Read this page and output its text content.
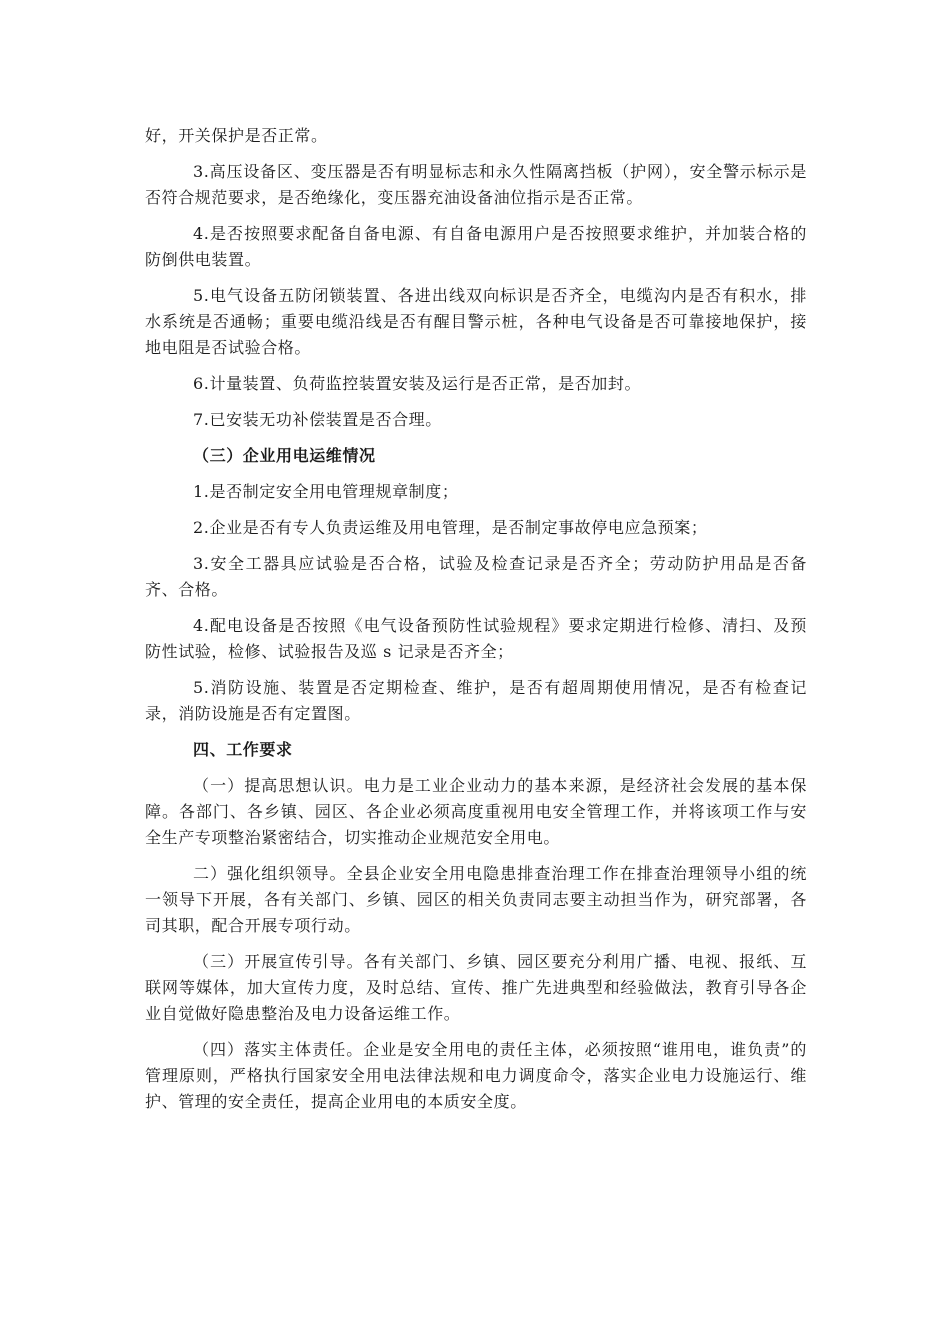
好，开关保护是否正常。

3.高压设备区、变压器是否有明显标志和永久性隔离挡板（护网），安全警示标示是否符合规范要求，是否绝缘化，变压器充油设备油位指示是否正常。

4.是否按照要求配备自备电源、有自备电源用户是否按照要求维护，并加装合格的防倒供电装置。

5.电气设备五防闭锁装置、各进出线双向标识是否齐全，电缆沟内是否有积水，排水系统是否通畅；重要电缆沿线是否有醒目警示桩，各种电气设备是否可靠接地保护，接地电阻是否试验合格。

6.计量装置、负荷监控装置安装及运行是否正常，是否加封。

7.已安装无功补偿装置是否合理。

（三）企业用电运维情况

1.是否制定安全用电管理规章制度；

2.企业是否有专人负责运维及用电管理，是否制定事故停电应急预案；

3.安全工器具应试验是否合格，试验及检查记录是否齐全；劳动防护用品是否备齐、合格。

4.配电设备是否按照《电气设备预防性试验规程》要求定期进行检修、清扫、及预防性试验，检修、试验报告及巡 s 记录是否齐全；

5.消防设施、装置是否定期检查、维护，是否有超周期使用情况，是否有检查记录，消防设施是否有定置图。

四、工作要求

（一）提高思想认识。电力是工业企业动力的基本来源，是经济社会发展的基本保障。各部门、各乡镇、园区、各企业必须高度重视用电安全管理工作，并将该项工作与安全生产专项整治紧密结合，切实推动企业规范安全用电。

二）强化组织领导。全县企业安全用电隐患排查治理工作在排查治理领导小组的统一领导下开展，各有关部门、乡镇、园区的相关负责同志要主动担当作为，研究部署，各司其职，配合开展专项行动。

（三）开展宣传引导。各有关部门、乡镇、园区要充分利用广播、电视、报纸、互联网等媒体，加大宣传力度，及时总结、宣传、推广先进典型和经验做法，教育引导各企业自觉做好隐患整治及电力设备运维工作。

（四）落实主体责任。企业是安全用电的责任主体，必须按照“谁用电，谁负责”的管理原则，严格执行国家安全用电法律法规和电力调度命令，落实企业电力设施运行、维护、管理的安全责任，提高企业用电的本质安全度。
